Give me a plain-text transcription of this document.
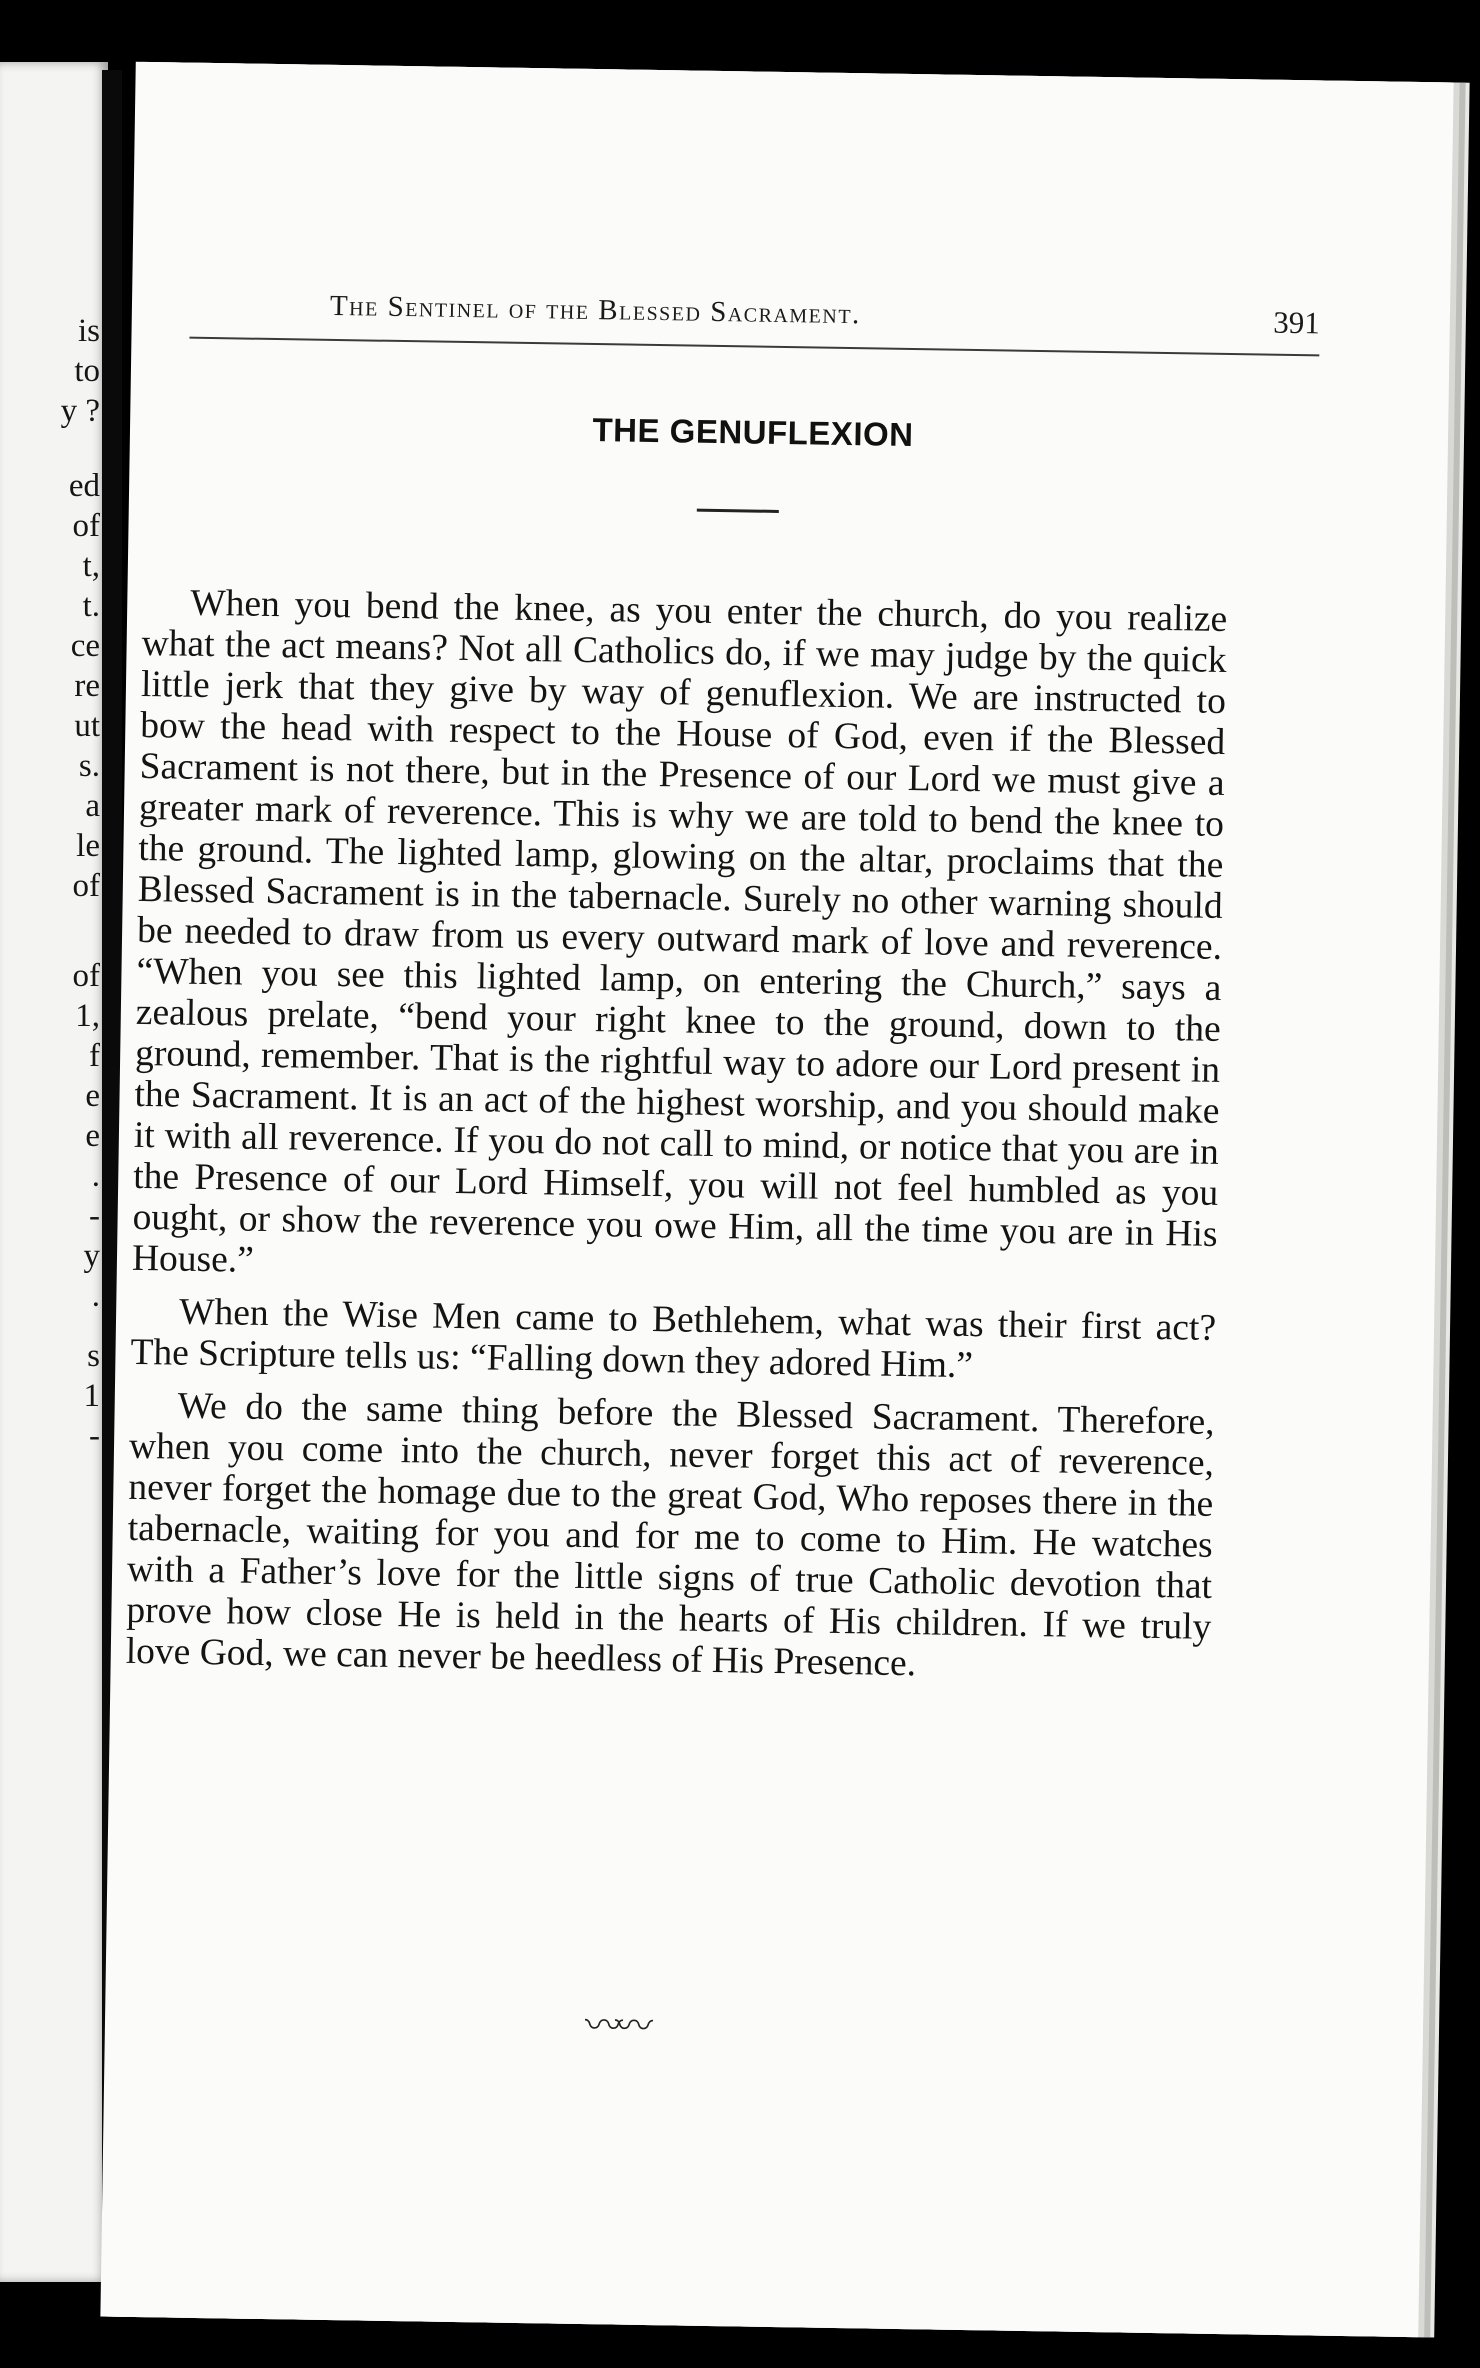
is
to
y ?
ed
of
t,
t.
ce
re
ut
s.
a
le
of
of
1,
f
e
e
.
-
y
.
s
1
-
The Sentinel of the Blessed Sacrament.	391
THE GENUFLEXION

When you bend the knee, as you enter the church, do you realize what the act means? Not all Catholics do, if we may judge by the quick little jerk that they give by way of genuflexion. We are instructed to bow the head with respect to the House of God, even if the Blessed Sacrament is not there, but in the Presence of our Lord we must give a greater mark of reverence. This is why we are told to bend the knee to the ground. The lighted lamp, glowing on the altar, proclaims that the Blessed Sacrament is in the tabernacle. Surely no other warning should be needed to draw from us every outward mark of love and reverence. “When you see this lighted lamp, on entering the Church,” says a zealous prelate, “bend your right knee to the ground, down to the ground, remember. That is the rightful way to adore our Lord present in the Sacrament. It is an act of the highest worship, and you should make it with all reverence. If you do not call to mind, or notice that you are in the Presence of our Lord Himself, you will not feel humbled as you ought, or show the reverence you owe Him, all the time you are in His House.”

When the Wise Men came to Bethlehem, what was their first act? The Scripture tells us: “Falling down they adored Him.”

We do the same thing before the Blessed Sacrament. Therefore, when you come into the church, never forget this act of reverence, never forget the homage due to the great God, Who reposes there in the tabernacle, waiting for you and for me to come to Him. He watches with a Father’s love for the little signs of true Catholic devotion that prove how close He is held in the hearts of His children. If we truly love God, we can never be heedless of His Presence.

〰〰
